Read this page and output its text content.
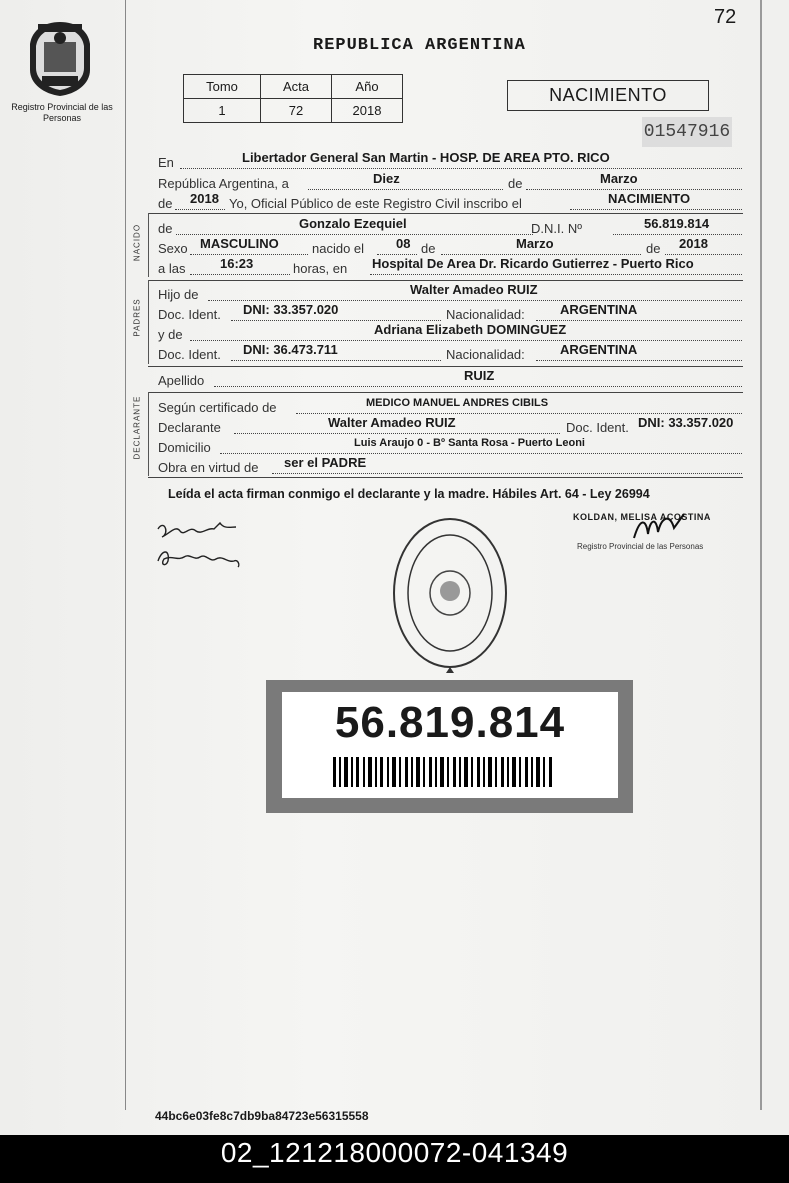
72
Registro Provincial de las Personas
REPUBLICA ARGENTINA
Tomo	Acta	Año
1	72	2018
NACIMIENTO
01547916
En	Libertador General San Martin - HOSP. DE AREA PTO. RICO
República Argentina, a	Diez	de	Marzo
de 2018 Yo, Oficial Público de este Registro Civil inscribo el	NACIMIENTO
NACIDO de	Gonzalo Ezequiel	D.N.I. Nº	56.819.814
Sexo MASCULINO	nacido el 08 de	Marzo	de 2018
a las	16:23	horas, en Hospital De Area Dr. Ricardo Gutierrez - Puerto Rico
PADRES
Hijo de	Walter Amadeo RUIZ
Doc. Ident. DNI: 33.357.020	Nacionalidad:	ARGENTINA
y de	Adriana Elizabeth DOMINGUEZ
Doc. Ident. DNI: 36.473.711	Nacionalidad:	ARGENTINA
Apellido	RUIZ
DECLARANTE Según certificado de	MEDICO MANUEL ANDRES CIBILS
Declarante	Walter Amadeo RUIZ	Doc. Ident. DNI: 33.357.020
Domicilio	Luis Araujo 0 - Bº Santa Rosa - Puerto Leoni
Obra en virtud de ser el PADRE
Leída el acta firman conmigo el declarante y la madre. Hábiles Art. 64 - Ley 26994
KOLDAN, MELISA ACOSTINA
Registro Provincial de las Personas
56.819.814
44bc6e03fe8c7db9ba84723e56315558
02_121218000072-041349
